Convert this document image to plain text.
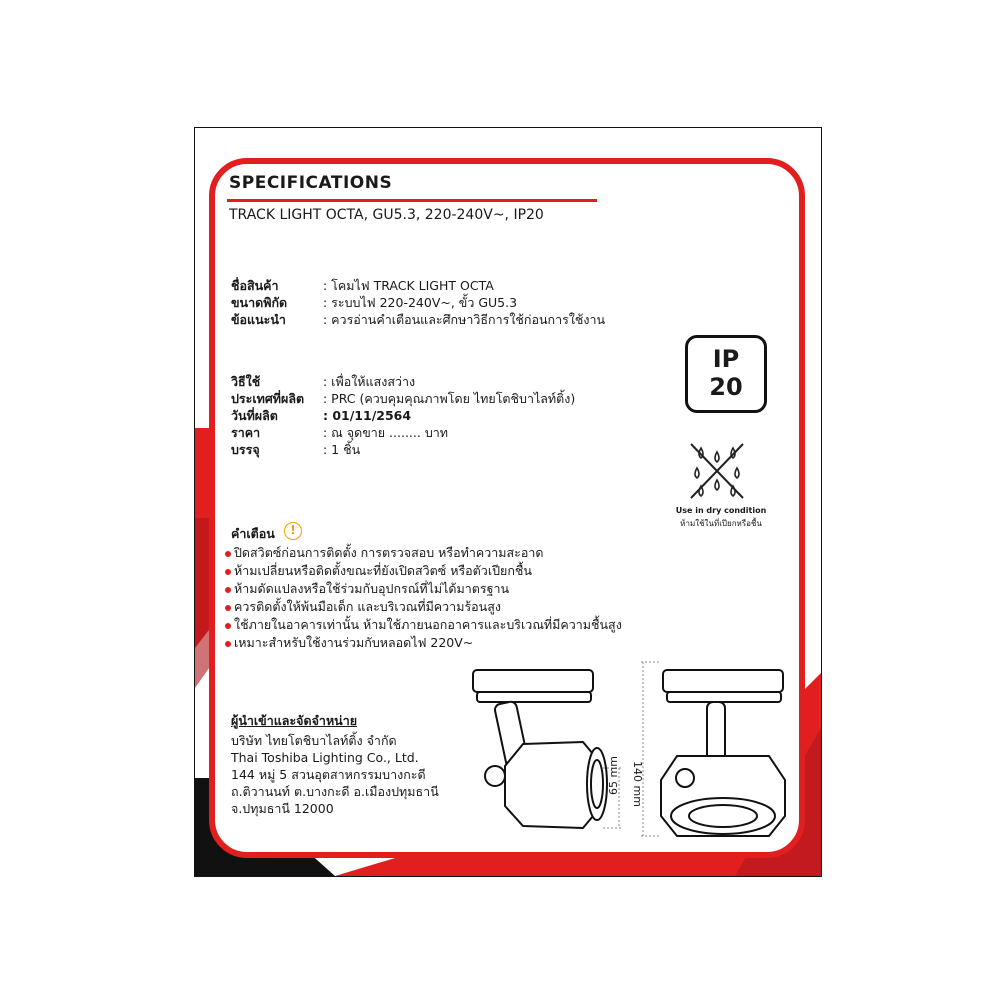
SPECIFICATIONS
TRACK LIGHT OCTA, GU5.3, 220-240V~, IP20
ชื่อสินค้า	: โคมไฟ TRACK LIGHT OCTA
ขนาดพิกัด	: ระบบไฟ 220-240V~, ขั้ว GU5.3
ข้อแนะนำ	: ควรอ่านคำเตือนและศึกษาวิธีการใช้ก่อนการใช้งาน
วิธีใช้	: เพื่อให้แสงสว่าง
ประเทศที่ผลิต : PRC (ควบคุมคุณภาพโดย ไทยโตชิบาไลท์ติ้ง)
วันที่ผลิต	: 01/11/2564
ราคา	: ณ จุดขาย ........ บาท
บรรจุ	: 1 ชิ้น
คำเตือน	!
ปิดสวิตซ์ก่อนการติดตั้ง การตรวจสอบ หรือทำความสะอาด
ห้ามเปลี่ยนหรือติดตั้งขณะที่ยังเปิดสวิตซ์ หรือตัวเปียกชื้น
ห้ามดัดแปลงหรือใช้ร่วมกับอุปกรณ์ที่ไม่ได้มาตรฐาน
ควรติดตั้งให้พ้นมือเด็ก และบริเวณที่มีความร้อนสูง
ใช้ภายในอาคารเท่านั้น ห้ามใช้ภายนอกอาคารและบริเวณที่มีความชื้นสูง
เหมาะสำหรับใช้งานร่วมกับหลอดไฟ 220V~
ผู้นำเข้าและจัดจำหน่าย
บริษัท ไทยโตชิบาไลท์ติ้ง จำกัด
Thai Toshiba Lighting Co., Ltd.
144 หมู่ 5 สวนอุตสาหกรรมบางกะดี
ถ.ติวานนท์ ต.บางกะดี อ.เมืองปทุมธานี
จ.ปทุมธานี 12000
IP
20
Use in dry condition
ห้ามใช้ในที่เปียกหรือชื้น
65 mm 140 mm
